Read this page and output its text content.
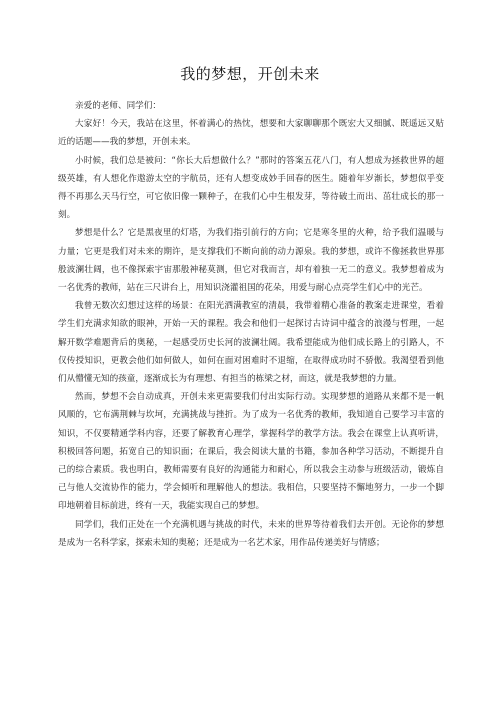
我的梦想，开创未来

亲爱的老师、同学们：

大家好！今天，我站在这里，怀着满心的热忱，想要和大家聊聊那个既宏大又细腻、既遥远又贴近的话题——我的梦想，开创未来。

小时候，我们总是被问：“你长大后想做什么？”那时的答案五花八门，有人想成为拯救世界的超级英雄，有人想化作遨游太空的宇航员，还有人想变成妙手回春的医生。随着年岁渐长，梦想似乎变得不再那么天马行空，可它依旧像一颗种子，在我们心中生根发芽，等待破土而出、茁壮成长的那一刻。

梦想是什么？它是黑夜里的灯塔，为我们指引前行的方向；它是寒冬里的火种，给予我们温暖与力量；它更是我们对未来的期许，是支撑我们不断向前的动力源泉。我的梦想，或许不像拯救世界那般波澜壮阔，也不像探索宇宙那般神秘莫测，但它对我而言，却有着独一无二的意义。我梦想着成为一名优秀的教师，站在三尺讲台上，用知识浇灌祖国的花朵，用爱与耐心点亮学生们心中的光芒。

我曾无数次幻想过这样的场景：在阳光洒满教室的清晨，我带着精心准备的教案走进课堂，看着学生们充满求知欲的眼神，开始一天的课程。我会和他们一起探讨古诗词中蕴含的浪漫与哲理，一起解开数学难题背后的奥秘，一起感受历史长河的波澜壮阔。我希望能成为他们成长路上的引路人，不仅传授知识，更教会他们如何做人，如何在面对困难时不退缩，在取得成功时不骄傲。我渴望看到他们从懵懂无知的孩童，逐渐成长为有理想、有担当的栋梁之材，而这，就是我梦想的力量。

然而，梦想不会自动成真，开创未来更需要我们付出实际行动。实现梦想的道路从来都不是一帆风顺的，它布满荆棘与坎坷，充满挑战与挫折。为了成为一名优秀的教师，我知道自己要学习丰富的知识，不仅要精通学科内容，还要了解教育心理学，掌握科学的教学方法。我会在课堂上认真听讲，积极回答问题，拓宽自己的知识面；在课后，我会阅读大量的书籍，参加各种学习活动，不断提升自己的综合素质。我也明白，教师需要有良好的沟通能力和耐心，所以我会主动参与班级活动，锻炼自己与他人交流协作的能力，学会倾听和理解他人的想法。我相信，只要坚持不懈地努力，一步一个脚印地朝着目标前进，终有一天，我能实现自己的梦想。

同学们，我们正处在一个充满机遇与挑战的时代，未来的世界等待着我们去开创。无论你的梦想是成为一名科学家，探索未知的奥秘；还是成为一名艺术家，用作品传递美好与情感；
